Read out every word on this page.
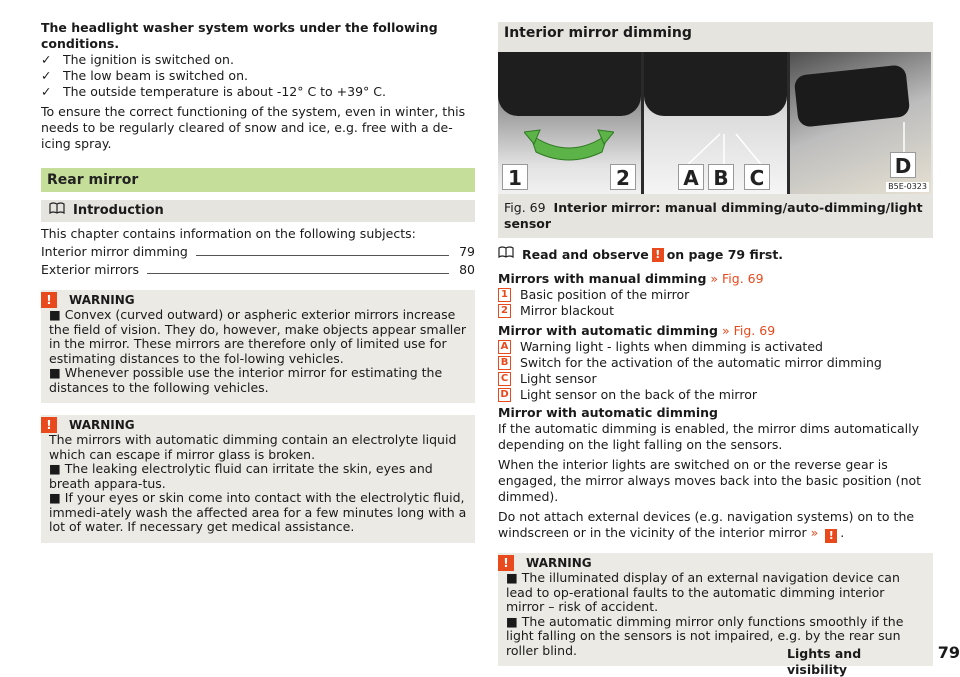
The headlight washer system works under the following conditions.
✓ The ignition is switched on.
✓ The low beam is switched on.
✓ The outside temperature is about -12° C to +39° C.

To ensure the correct functioning of the system, even in winter, this needs to be regularly cleared of snow and ice, e.g. free with a de-icing spray.

Rear mirror
Introduction

This chapter contains information on the following subjects:

Interior mirror dimming	79
Exterior mirrors	80
!	WARNING
■ Convex (curved outward) or aspheric exterior mirrors increase the field of vision. They do, however, make objects appear smaller in the mirror. These mirrors are therefore only of limited use for estimating distances to the fol-lowing vehicles.
■ Whenever possible use the interior mirror for estimating the distances to the following vehicles.
!	WARNING
The mirrors with automatic dimming contain an electrolyte liquid which can escape if mirror glass is broken.
■ The leaking electrolytic fluid can irritate the skin, eyes and breath appara-tus.
■ If your eyes or skin come into contact with the electrolytic fluid, immedi-ately wash the affected area for a few minutes long with a lot of water. If necessary get medical assistance.
Interior mirror dimming
1	2	A B C	D
B5E-0323
Fig. 69 Interior mirror: manual dimming/auto-dimming/light sensor
Read and observe ! on page 79 first.
Mirrors with manual dimming » Fig. 69
1 Basic position of the mirror
2 Mirror blackout
Mirror with automatic dimming » Fig. 69
A Warning light - lights when dimming is activated
B Switch for the activation of the automatic mirror dimming
C Light sensor
D Light sensor on the back of the mirror
Mirror with automatic dimming
If the automatic dimming is enabled, the mirror dims automatically depending on the light falling on the sensors.

When the interior lights are switched on or the reverse gear is engaged, the mirror always moves back into the basic position (not dimmed).

Do not attach external devices (e.g. navigation systems) on to the windscreen or in the vicinity of the interior mirror » ! .

!	WARNING
■ The illuminated display of an external navigation device can lead to op-erational faults to the automatic dimming interior mirror – risk of accident.
■ The automatic dimming mirror only functions smoothly if the light falling on the sensors is not impaired, e.g. by the rear sun roller blind.	Lights and visibility
79
